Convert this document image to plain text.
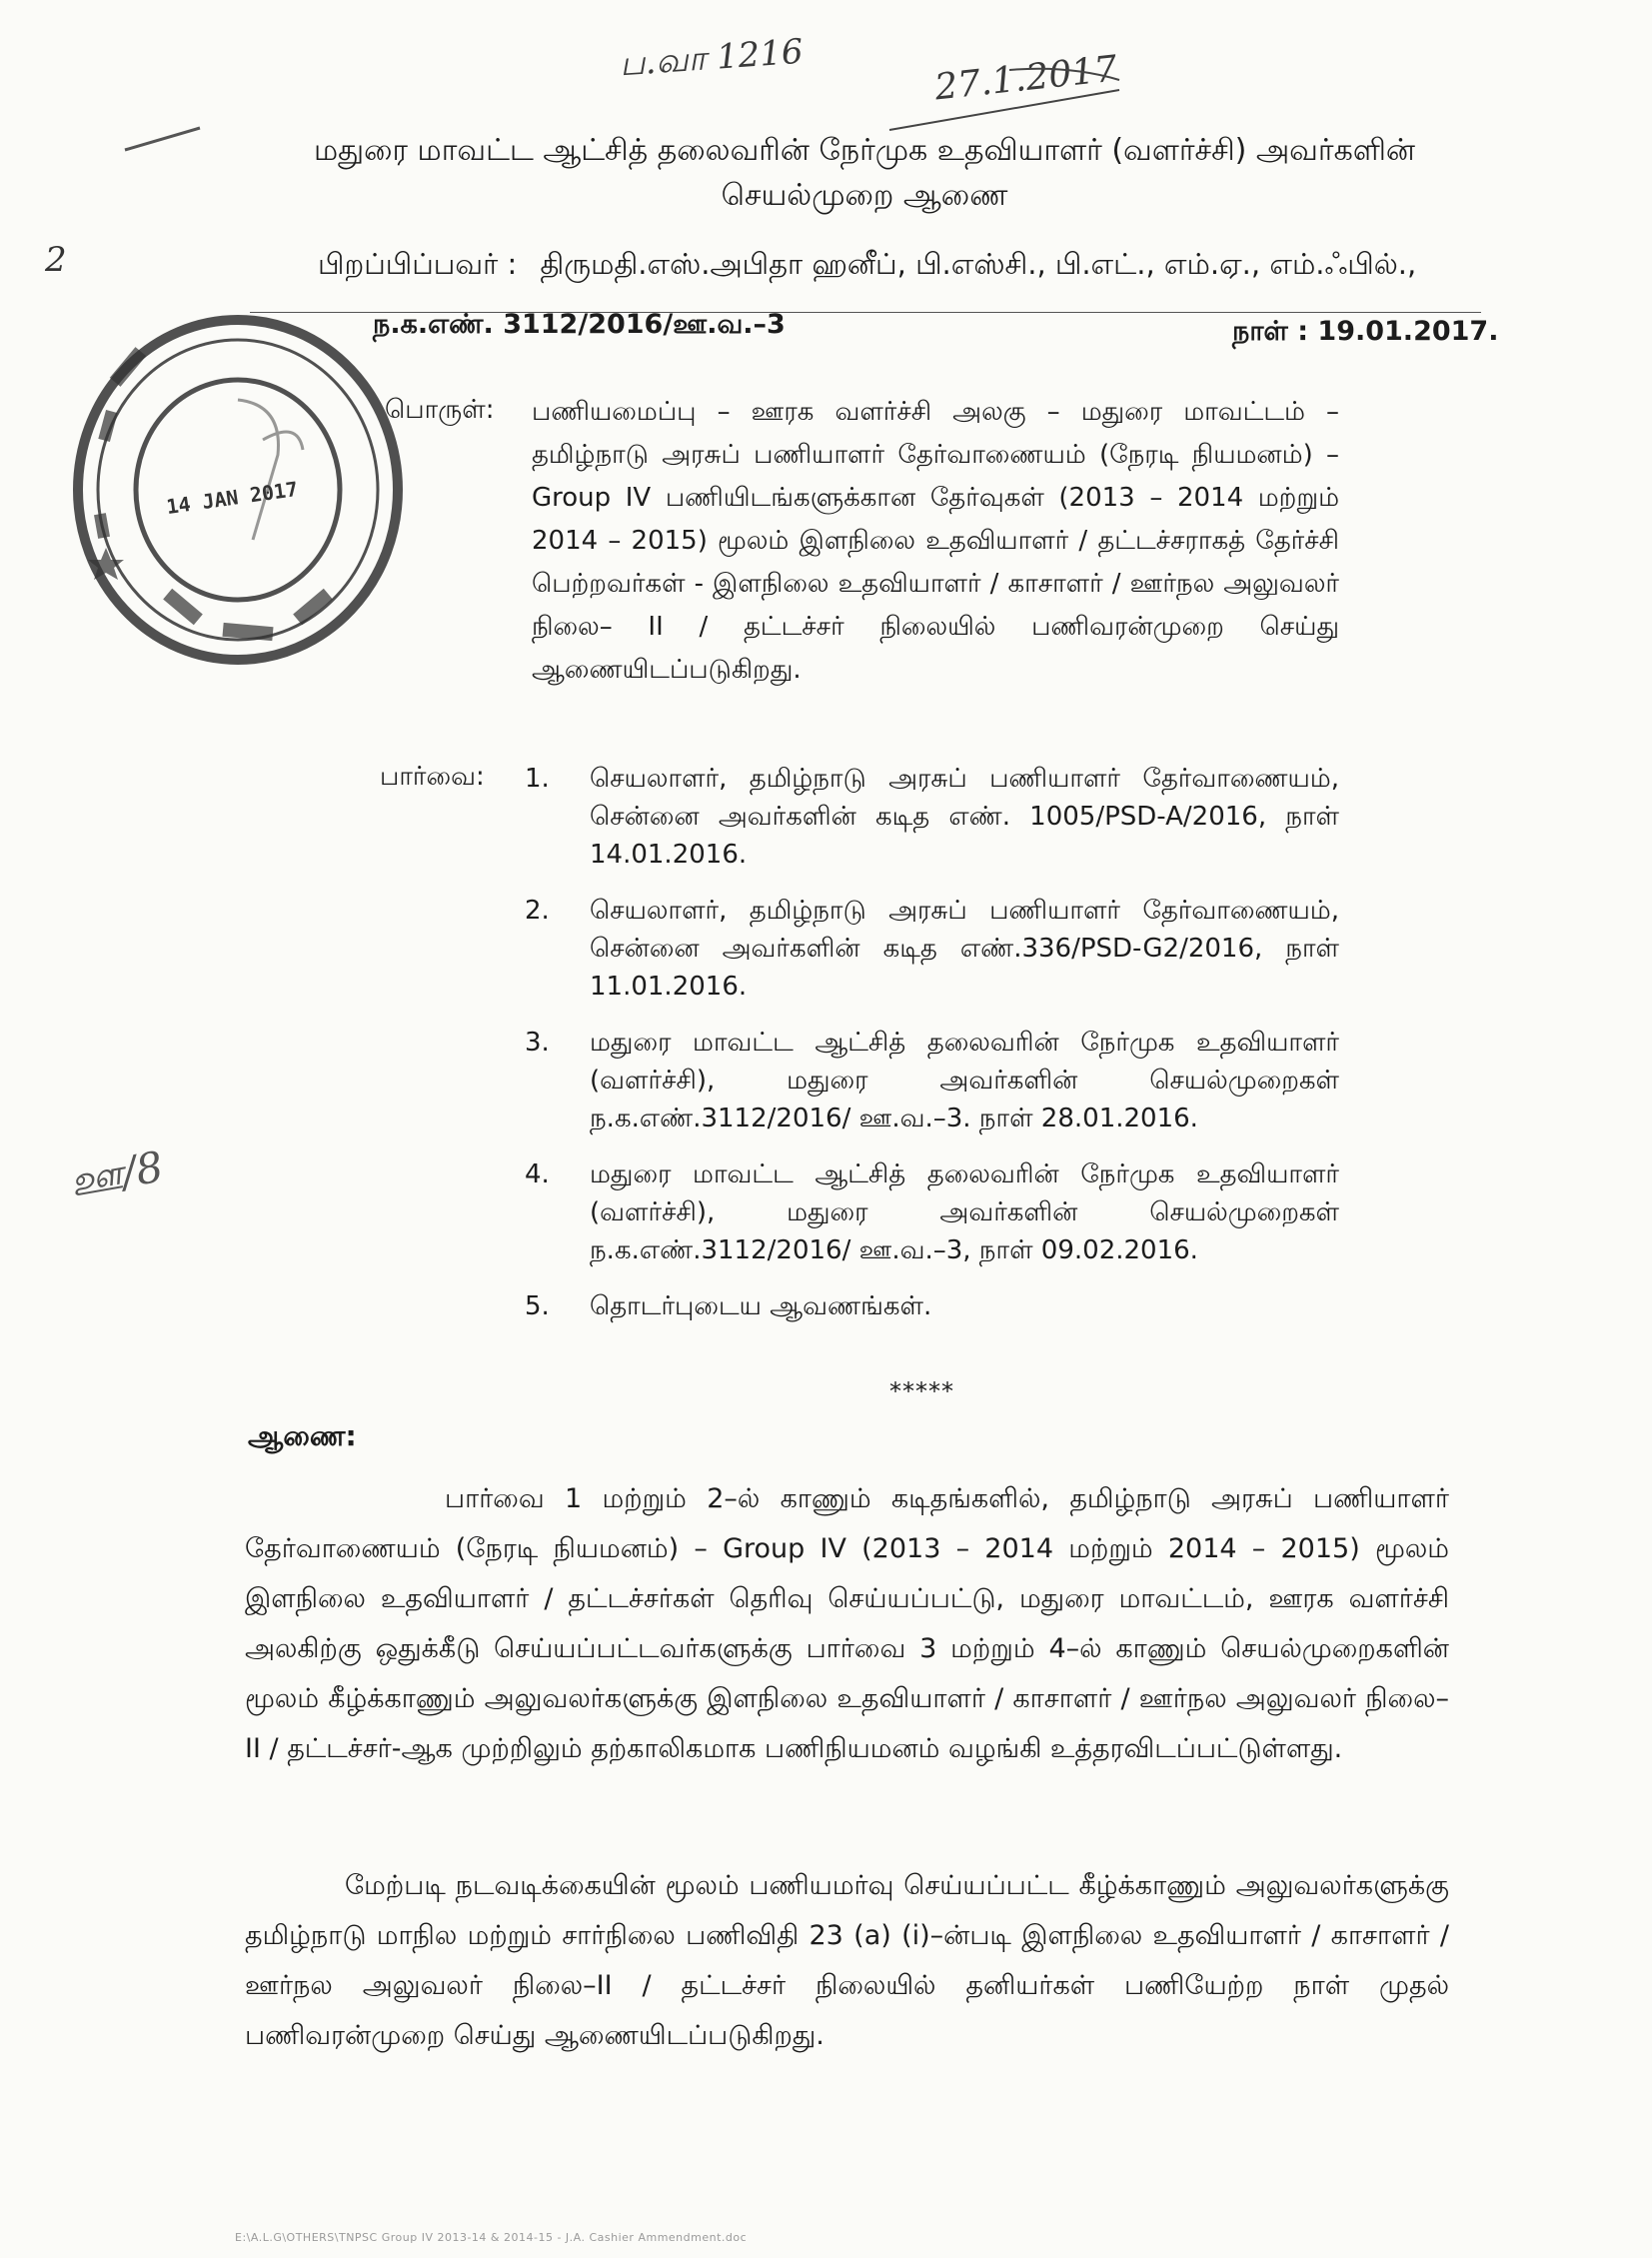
ப.வா 1216	27.1.2017
2
மதுரை மாவட்ட ஆட்சித் தலைவரின் நேர்முக உதவியாளர் (வளர்ச்சி) அவர்களின்
செயல்முறை ஆணை
பிறப்பிப்பவர் : திருமதி.எஸ்.அபிதா ஹனீப், பி.எஸ்சி., பி.எட்., எம்.ஏ., எம்.ஃபில்.,
ந.க.எண். 3112/2016/ஊ.வ.–3	நாள் : 19.01.2017.
14 JAN 2017
பொருள்: பணியமைப்பு – ஊரக வளர்ச்சி அலகு – மதுரை மாவட்டம் – தமிழ்நாடு அரசுப் பணியாளர் தேர்வாணையம் (நேரடி நியமனம்) – Group IV பணியிடங்களுக்கான தேர்வுகள் (2013 – 2014 மற்றும் 2014 – 2015) மூலம் இளநிலை உதவியாளர் / தட்டச்சராகத் தேர்ச்சி பெற்றவர்கள் - இளநிலை உதவியாளர் / காசாளர் / ஊர்நல அலுவலர் நிலை– II / தட்டச்சர் நிலையில் பணிவரன்முறை செய்து ஆணையிடப்படுகிறது.
பார்வை: 1. செயலாளர், தமிழ்நாடு அரசுப் பணியாளர் தேர்வாணையம், சென்னை அவர்களின் கடித எண். 1005/PSD-A/2016, நாள் 14.01.2016.
2. செயலாளர், தமிழ்நாடு அரசுப் பணியாளர் தேர்வாணையம், சென்னை அவர்களின் கடித எண்.336/PSD-G2/2016, நாள் 11.01.2016.
3. மதுரை மாவட்ட ஆட்சித் தலைவரின் நேர்முக உதவியாளர் (வளர்ச்சி), மதுரை அவர்களின் செயல்முறைகள் ந.க.எண்.3112/2016/ ஊ.வ.–3. நாள் 28.01.2016.
4. மதுரை மாவட்ட ஆட்சித் தலைவரின் நேர்முக உதவியாளர் (வளர்ச்சி), மதுரை அவர்களின் செயல்முறைகள் ந.க.எண்.3112/2016/ ஊ.வ.–3, நாள் 09.02.2016.
5. தொடர்புடைய ஆவணங்கள்.
*****
ஊ/8
ஆணை:
பார்வை 1 மற்றும் 2–ல் காணும் கடிதங்களில், தமிழ்நாடு அரசுப் பணியாளர் தேர்வாணையம் (நேரடி நியமனம்) – Group IV (2013 – 2014 மற்றும் 2014 – 2015) மூலம் இளநிலை உதவியாளர் / தட்டச்சர்கள் தெரிவு செய்யப்பட்டு, மதுரை மாவட்டம், ஊரக வளர்ச்சி அலகிற்கு ஒதுக்கீடு செய்யப்பட்டவர்களுக்கு பார்வை 3 மற்றும் 4–ல் காணும் செயல்முறைகளின் மூலம் கீழ்க்காணும் அலுவலர்களுக்கு இளநிலை உதவியாளர் / காசாளர் / ஊர்நல அலுவலர் நிலை–II / தட்டச்சர்-ஆக முற்றிலும் தற்காலிகமாக பணிநியமனம் வழங்கி உத்தரவிடப்பட்டுள்ளது.
மேற்படி நடவடிக்கையின் மூலம் பணியமர்வு செய்யப்பட்ட கீழ்க்காணும் அலுவலர்களுக்கு தமிழ்நாடு மாநில மற்றும் சார்நிலை பணிவிதி 23 (a) (i)–ன்படி இளநிலை உதவியாளர் / காசாளர் / ஊர்நல அலுவலர் நிலை–II / தட்டச்சர் நிலையில் தனியர்கள் பணியேற்ற நாள் முதல் பணிவரன்முறை செய்து ஆணையிடப்படுகிறது.
E:\A.L.G\OTHERS\TNPSC Group IV 2013-14 & 2014-15 - J.A. Cashier Ammendment.doc
